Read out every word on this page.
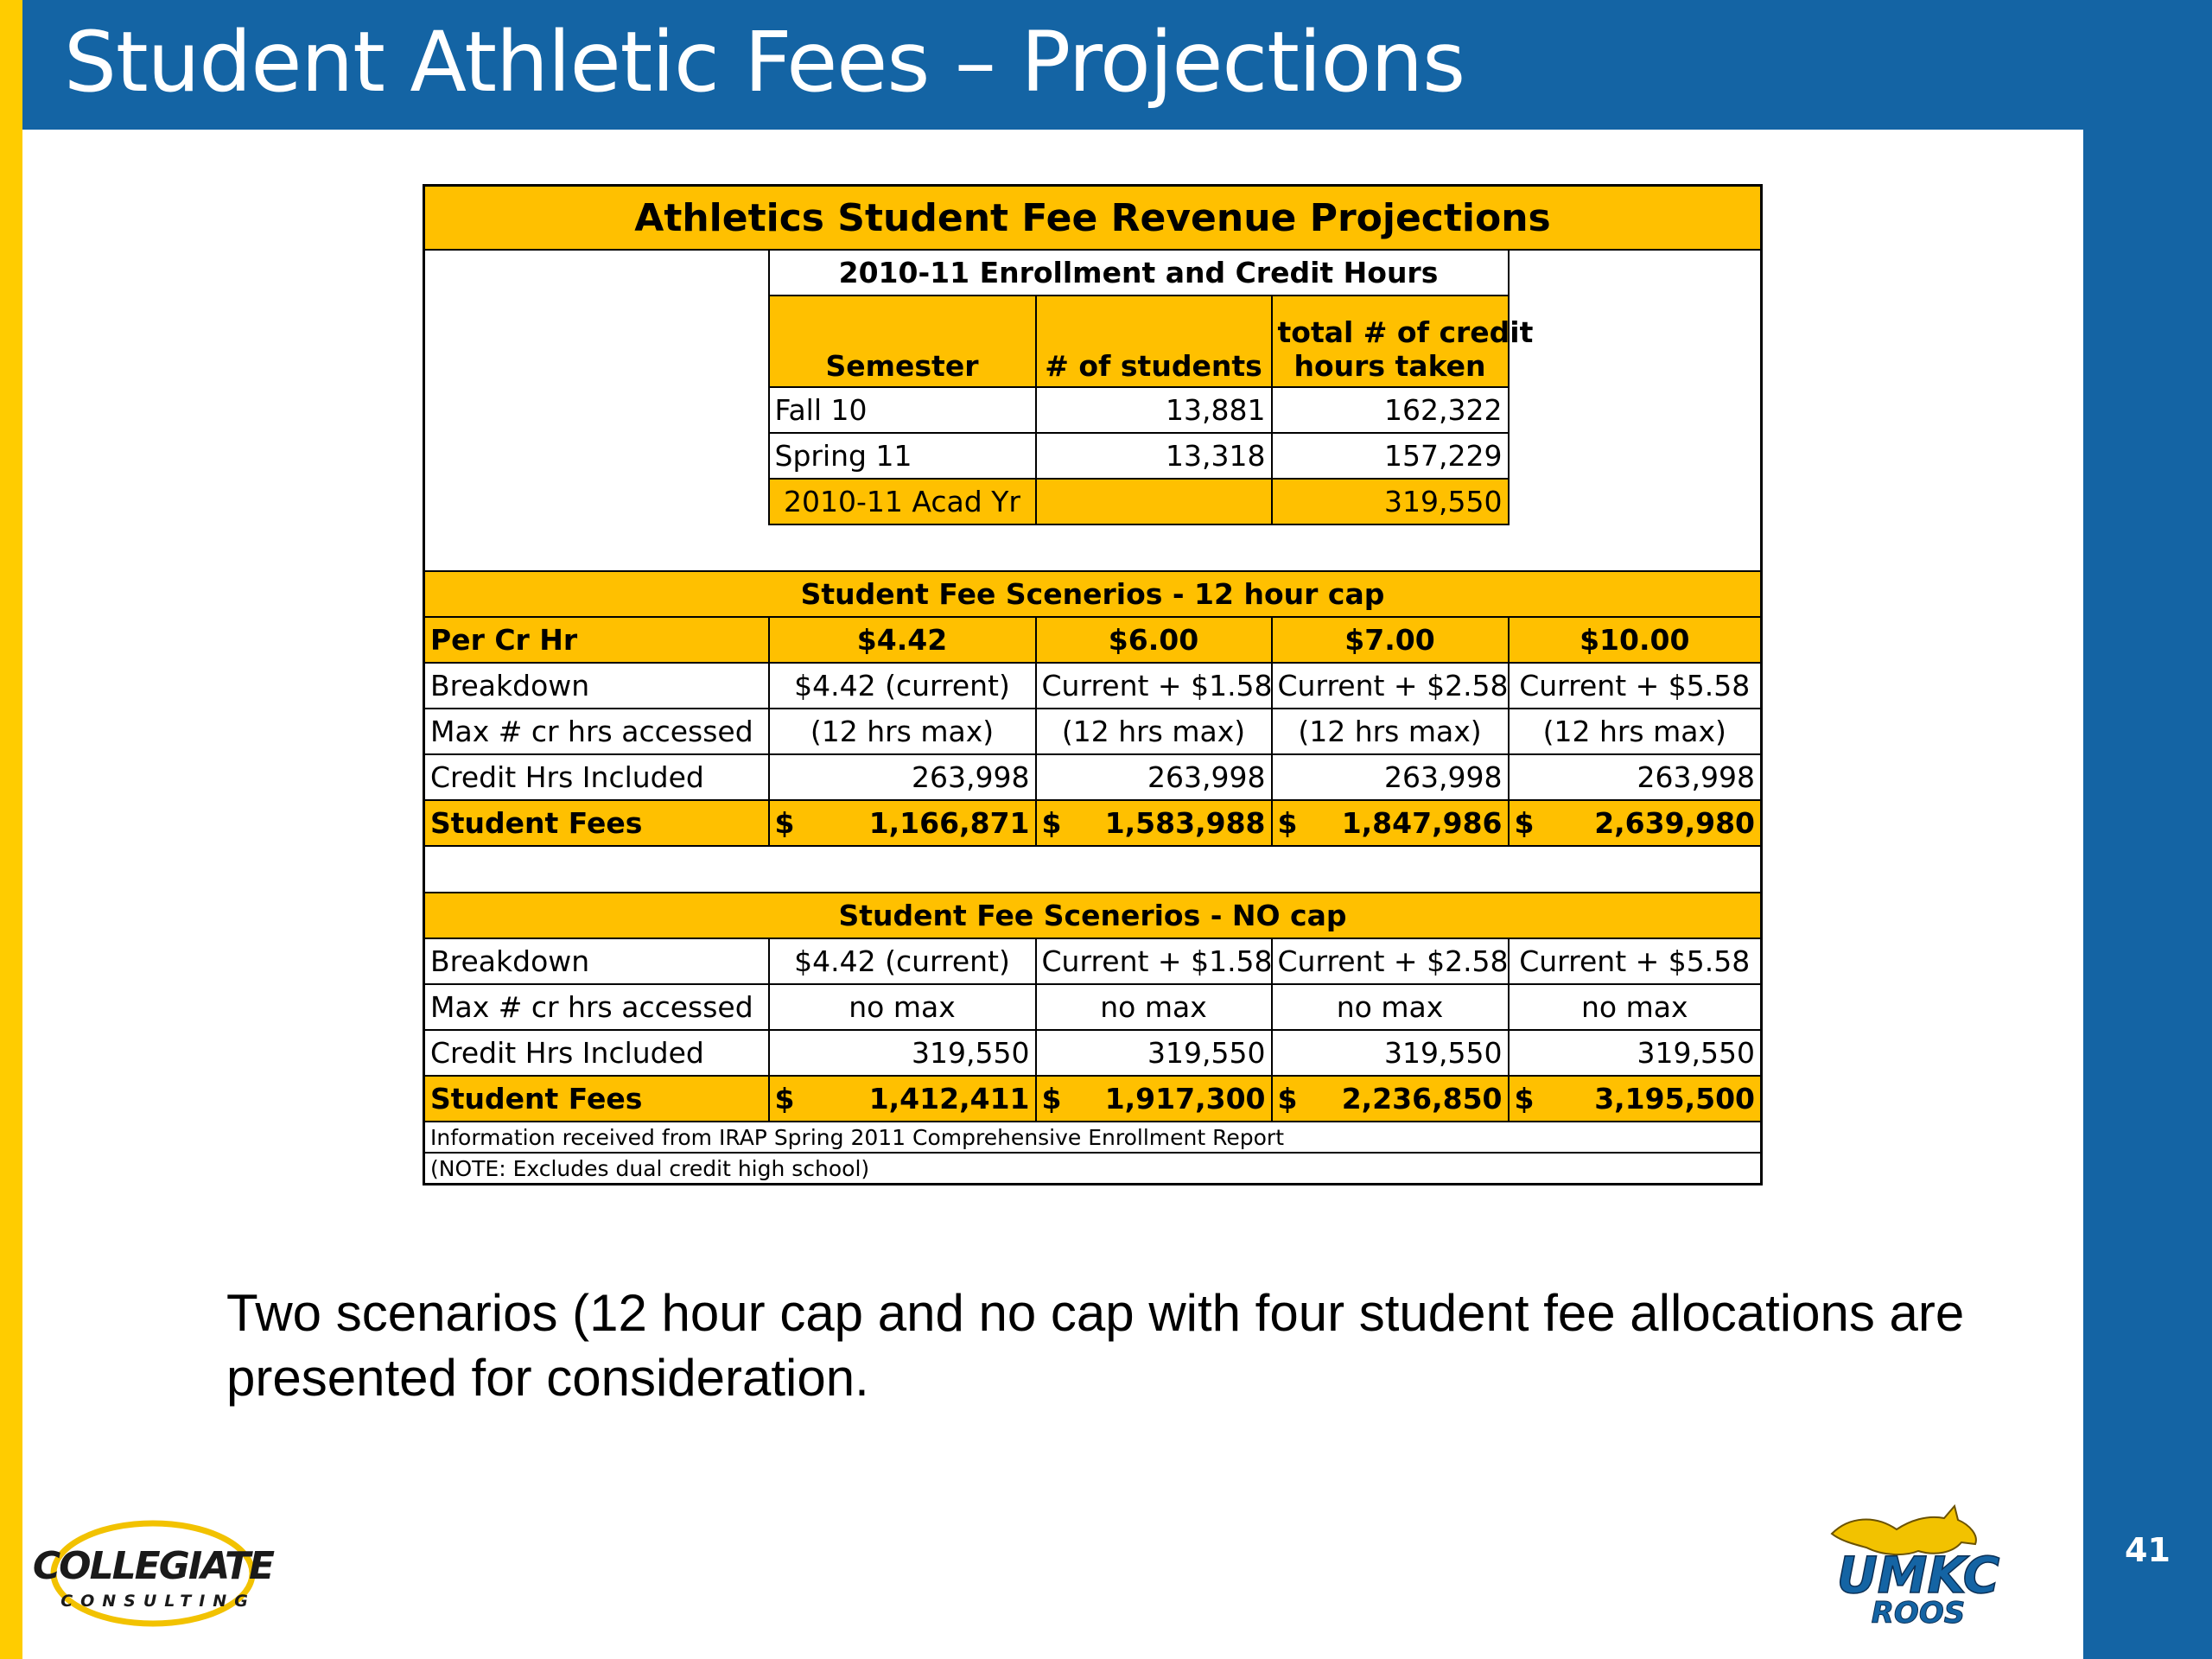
Student Athletic Fees – Projections
41
Athletics Student Fee Revenue Projections				
	2010-11 Enrollment and Credit Hours			
	Semester	# of students	total # of credit
hours taken	

	Fall 10	13,881	162,322	
	Spring 11	13,318	157,229	
	2010-11 Acad Yr		319,550	

Student Fee Scenerios - 12 hour cap				
Per Cr Hr	$4.42	$6.00	$7.00	$10.00
Breakdown	$4.42 (current)	Current + $1.58	Current + $2.58	Current + $5.58
Max # cr hrs accessed	(12 hrs max)	(12 hrs max)	(12 hrs max)	(12 hrs max)
Credit Hrs Included	263,998	263,998	263,998	263,998
Student Fees	$ 1,166,871	$ 1,583,988	$ 1,847,986	$ 2,639,980

Student Fee Scenerios - NO cap				
Breakdown	$4.42 (current)	Current + $1.58	Current + $2.58	Current + $5.58
Max # cr hrs accessed	no max	no max	no max	no max
Credit Hrs Included	319,550	319,550	319,550	319,550
Student Fees	$ 1,412,411	$ 1,917,300	$ 2,236,850	$ 3,195,500

Information received from IRAP Spring 2011 Comprehensive Enrollment Report				
(NOTE: Excludes dual credit high school)				

Two scenarios (12 hour cap and no cap with four student fee allocations are presented for consideration.

COLLEGIATE
CONSULTING	UMKC
ROOS
